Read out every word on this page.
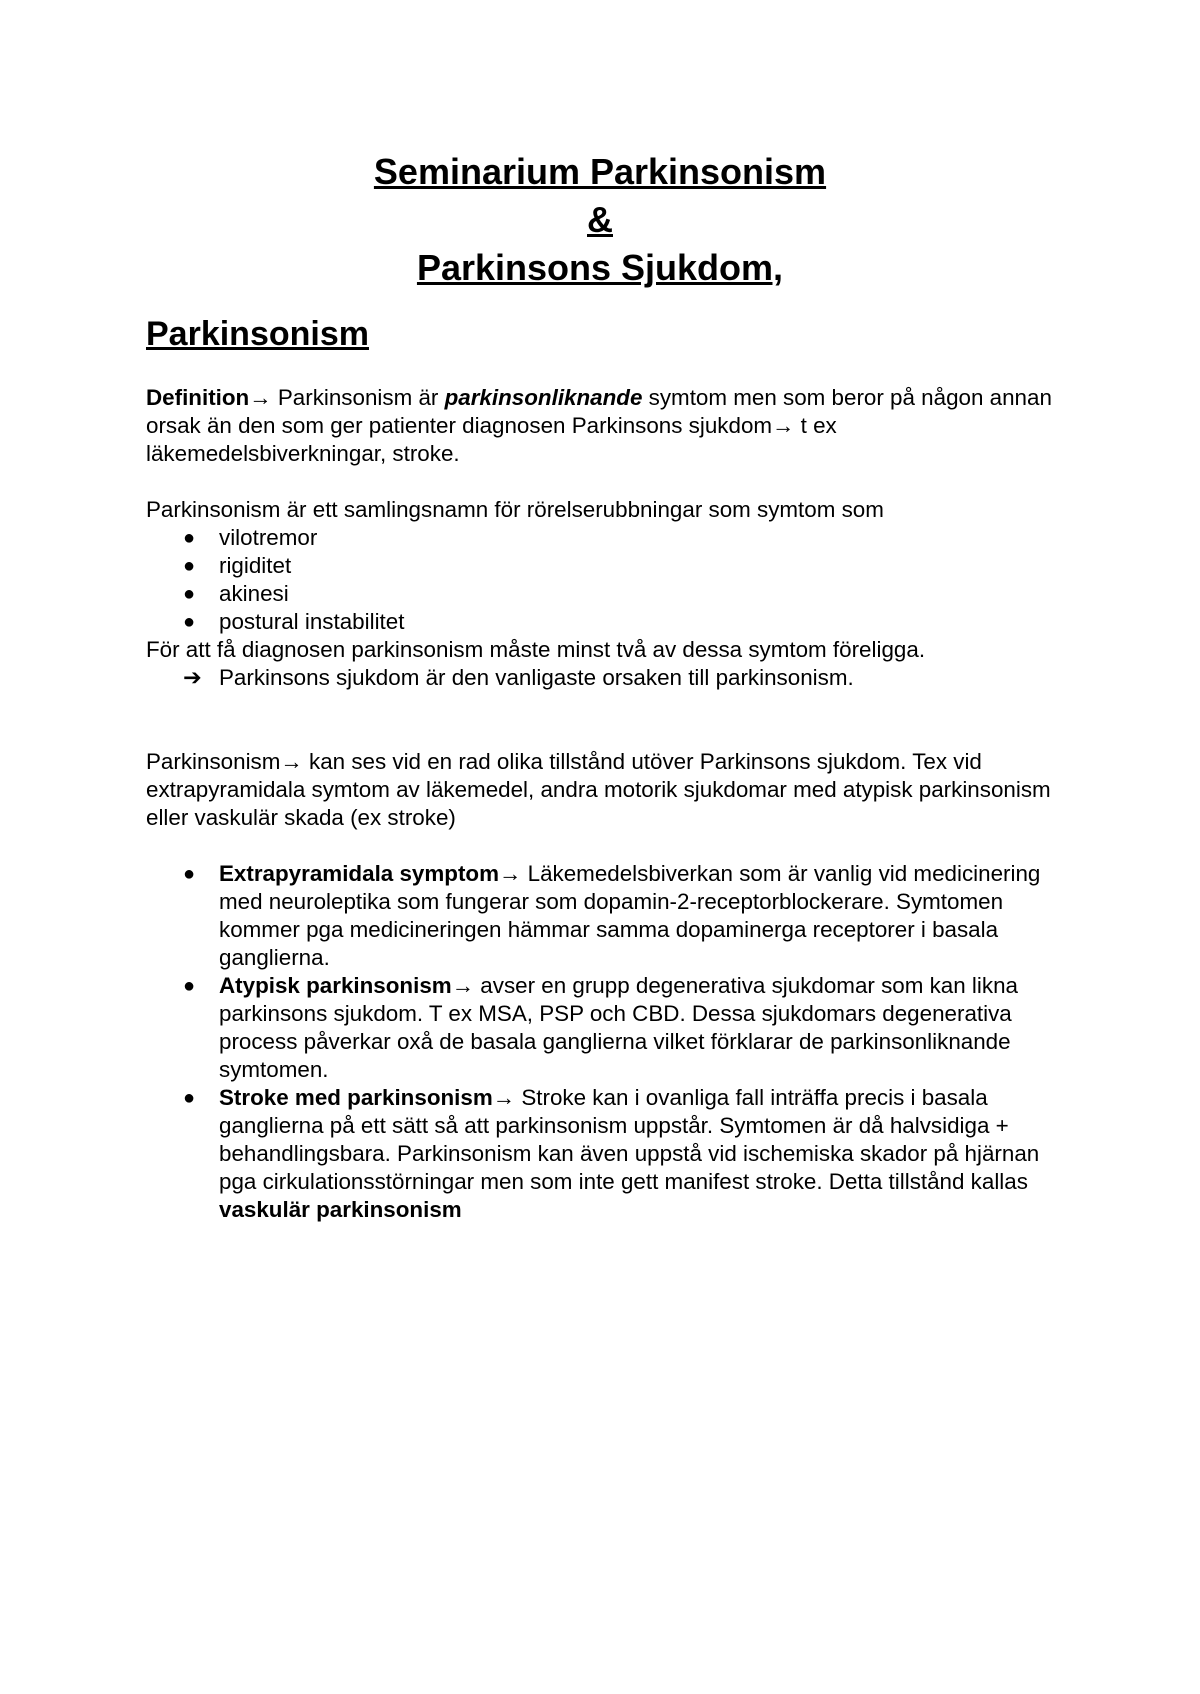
Seminarium Parkinsonism
&
Parkinsons Sjukdom,
Parkinsonism

Definition→ Parkinsonism är parkinsonliknande symtom men som beror på någon annan orsak än den som ger patienter diagnosen Parkinsons sjukdom→ t ex läkemedelsbiverkningar, stroke.

Parkinsonism är ett samlingsnamn för rörelserubbningar som symtom som

● vilotremor
● rigiditet
● akinesi
● postural instabilitet

För att få diagnosen parkinsonism måste minst två av dessa symtom föreligga.

➔ Parkinsons sjukdom är den vanligaste orsaken till parkinsonism.

Parkinsonism→ kan ses vid en rad olika tillstånd utöver Parkinsons sjukdom. Tex vid extrapyramidala symtom av läkemedel, andra motorik sjukdomar med atypisk parkinsonism eller vaskulär skada (ex stroke)

● Extrapyramidala symptom→ Läkemedelsbiverkan som är vanlig vid medicinering med neuroleptika som fungerar som dopamin-2-receptorblockerare. Symtomen kommer pga medicineringen hämmar samma dopaminerga receptorer i basala ganglierna.
● Atypisk parkinsonism→ avser en grupp degenerativa sjukdomar som kan likna parkinsons sjukdom. T ex MSA, PSP och CBD. Dessa sjukdomars degenerativa process påverkar oxå de basala ganglierna vilket förklarar de parkinsonliknande symtomen.
● Stroke med parkinsonism→ Stroke kan i ovanliga fall inträffa precis i basala ganglierna på ett sätt så att parkinsonism uppstår. Symtomen är då halvsidiga + behandlingsbara. Parkinsonism kan även uppstå vid ischemiska skador på hjärnan pga cirkulationsstörningar men som inte gett manifest stroke. Detta tillstånd kallas vaskulär parkinsonism
